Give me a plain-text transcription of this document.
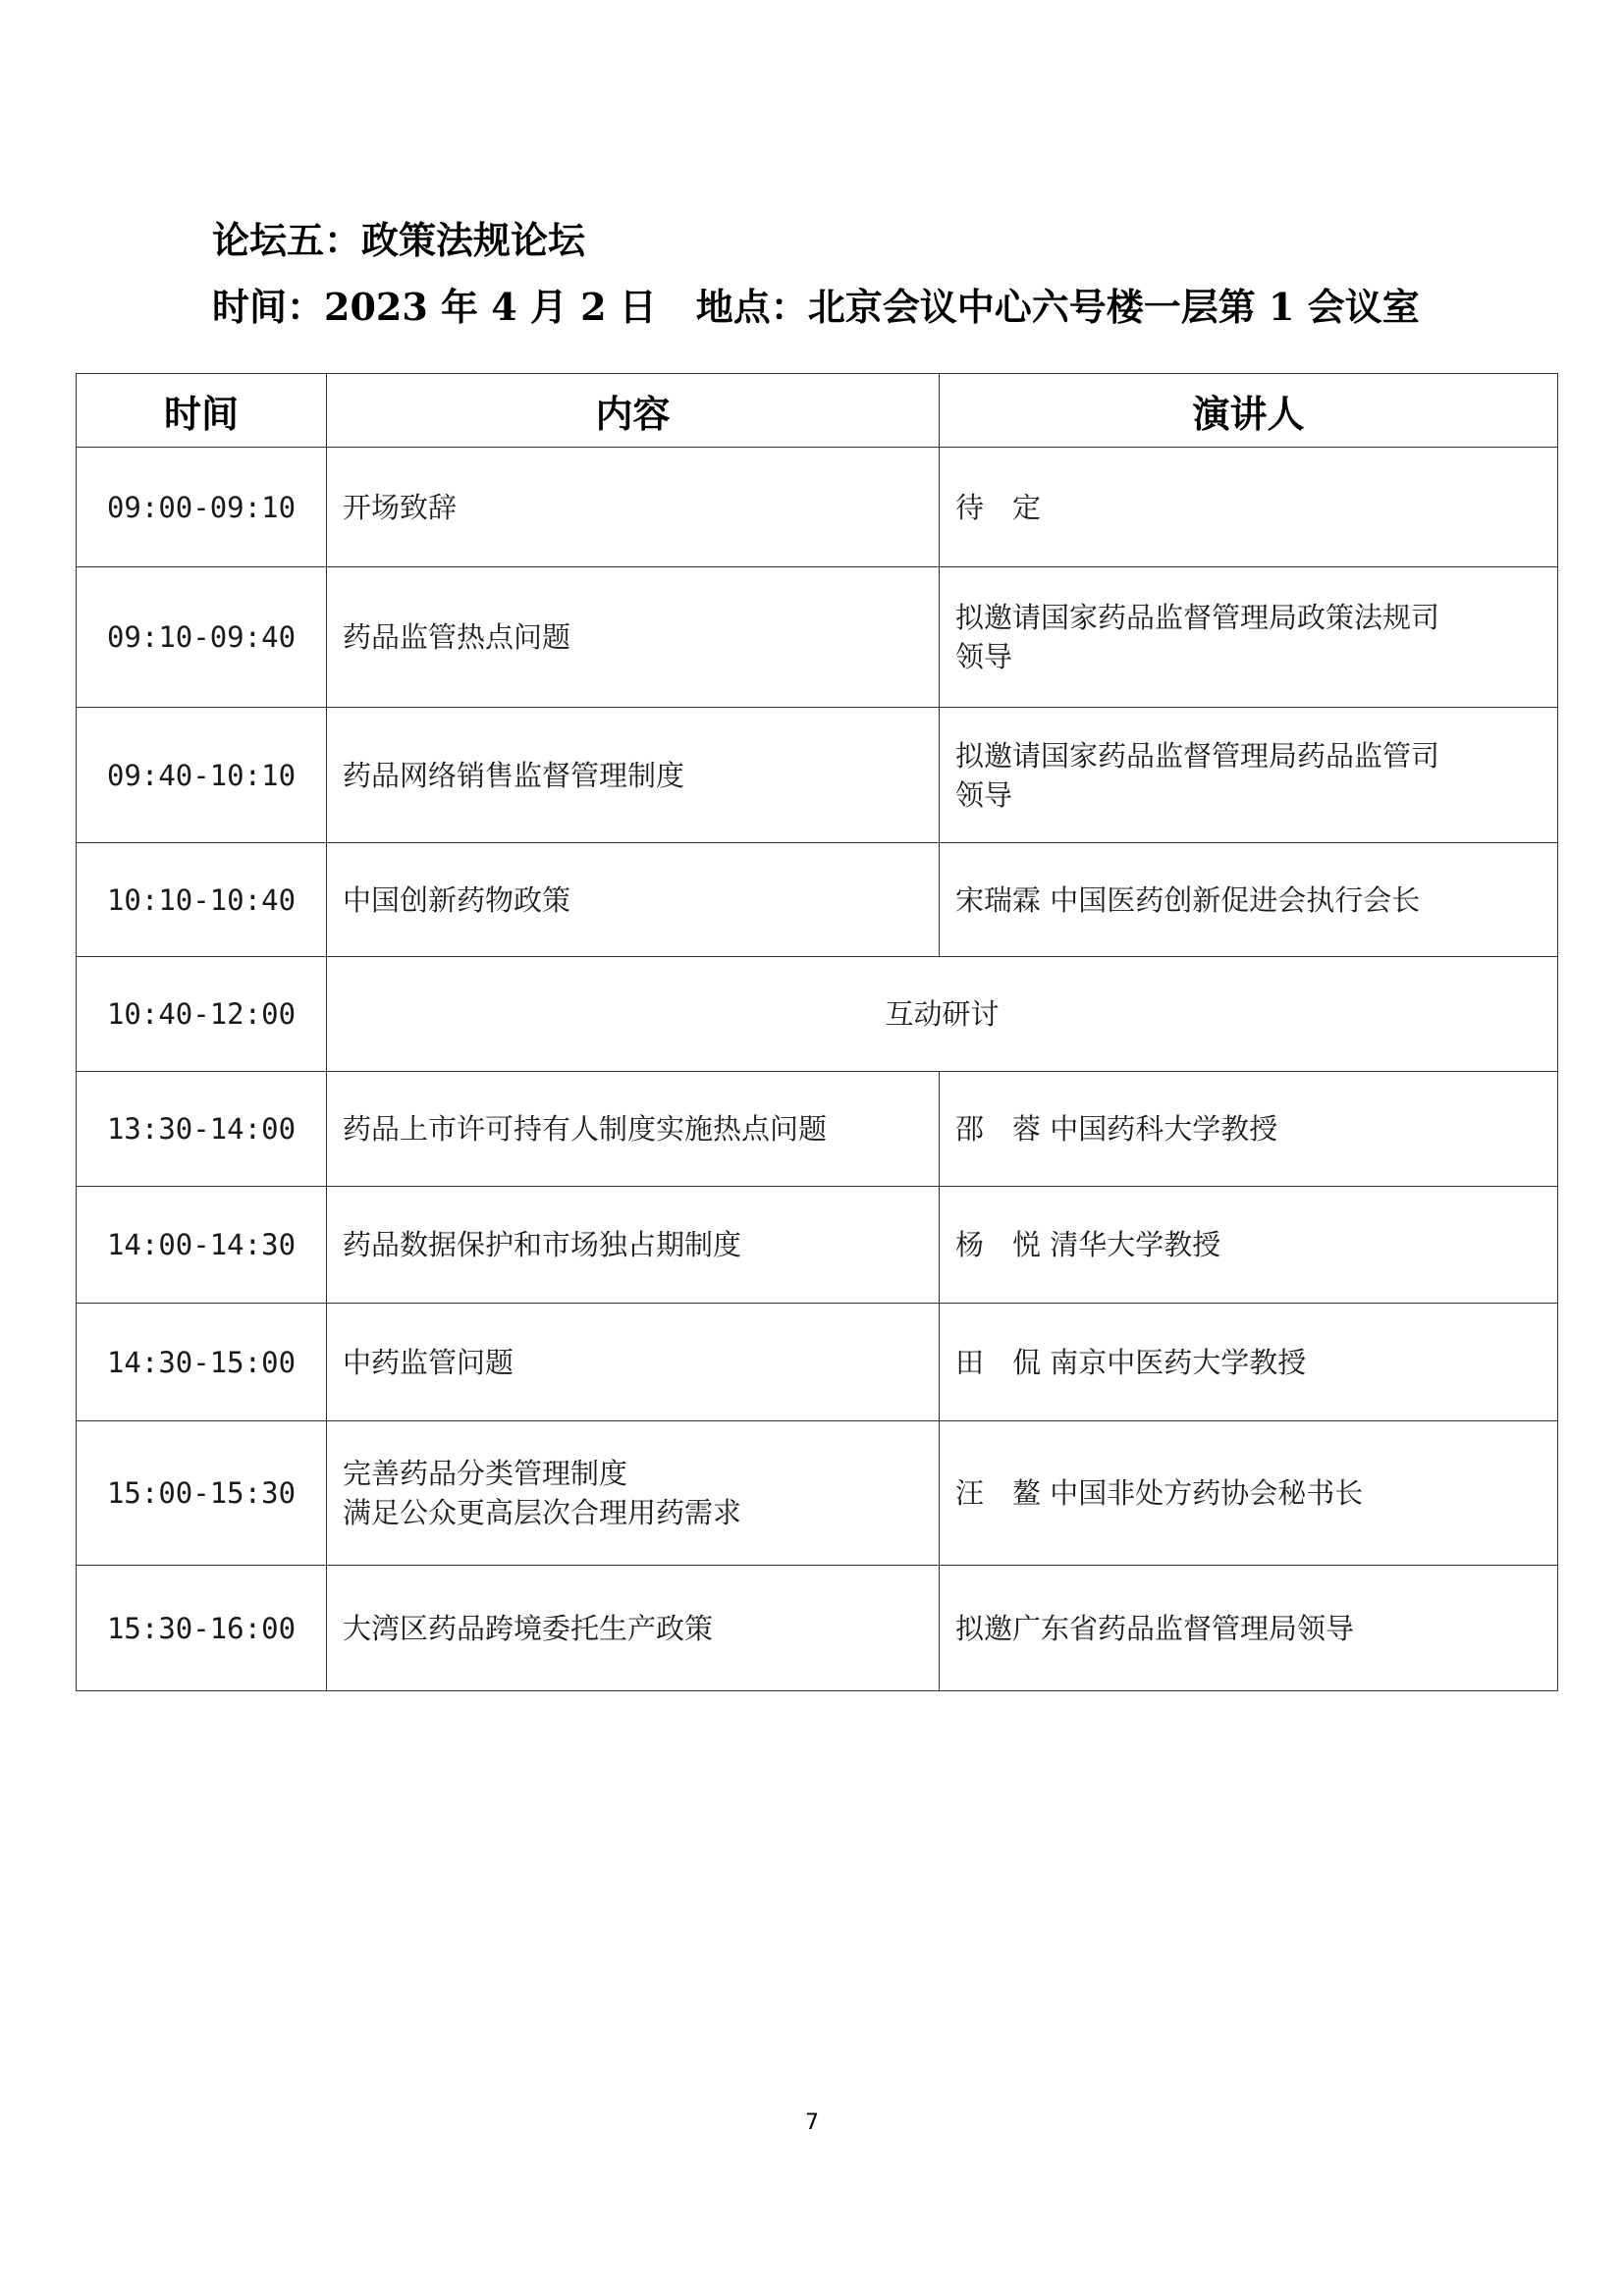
论坛五：政策法规论坛
时间：2023 年 4 月 2 日 地点：北京会议中心六号楼一层第 1 会议室
时间	内容	演讲人
09:00-09:10	开场致辞	待　定

09:10-09:40	药品监管热点问题	拟邀请国家药品监督管理局政策法规司
领导

09:40-10:10	药品网络销售监督管理制度	拟邀请国家药品监督管理局药品监管司
领导

10:10-10:40	中国创新药物政策	宋瑞霖 中国医药创新促进会执行会长

10:40-12:00	互动研讨	
13:30-14:00	药品上市许可持有人制度实施热点问题	邵　蓉 中国药科大学教授

14:00-14:30	药品数据保护和市场独占期制度	杨　悦 清华大学教授

14:30-15:00	中药监管问题	田　侃 南京中医药大学教授

15:00-15:30	完善药品分类管理制度
满足公众更高层次合理用药需求	汪　鳌 中国非处方药协会秘书长

15:30-16:00	大湾区药品跨境委托生产政策	拟邀广东省药品监督管理局领导
7
